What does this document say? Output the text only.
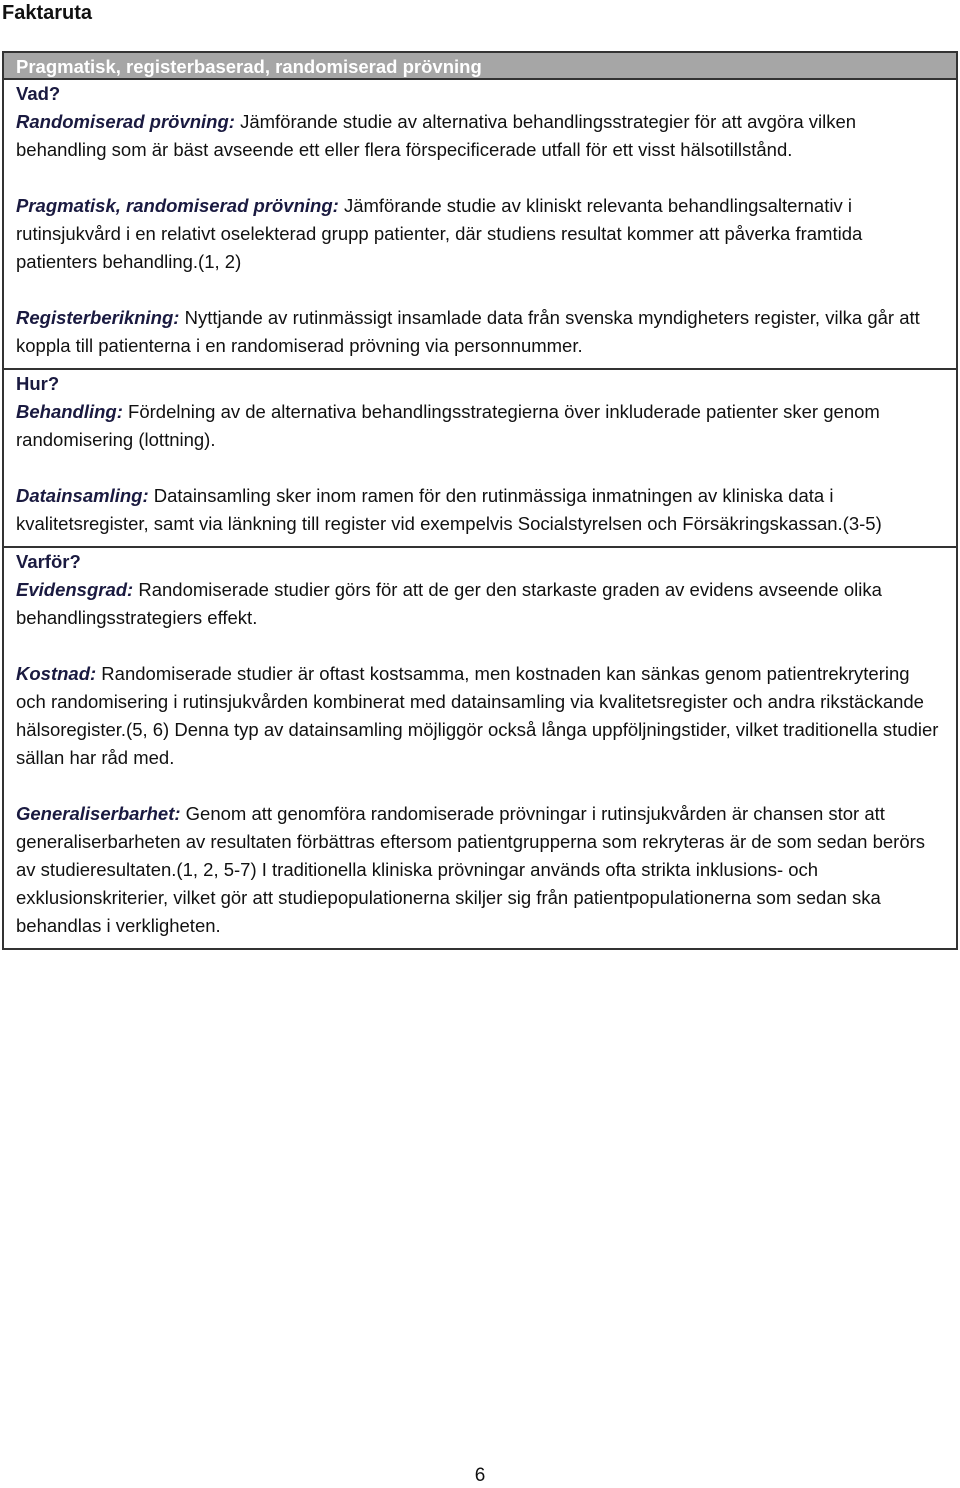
Faktaruta
Pragmatisk, registerbaserad, randomiserad prövning
Vad?

Randomiserad prövning: Jämförande studie av alternativa behandlingsstrategier för att avgöra vilken behandling som är bäst avseende ett eller flera förspecificerade utfall för ett visst hälsotillstånd.

Pragmatisk, randomiserad prövning: Jämförande studie av kliniskt relevanta behandlingsalternativ i rutinsjukvård i en relativt oselekterad grupp patienter, där studiens resultat kommer att påverka framtida patienters behandling.(1, 2)

Registerberikning: Nyttjande av rutinmässigt insamlade data från svenska myndigheters register, vilka går att koppla till patienterna i en randomiserad prövning via personnummer.

Hur?

Behandling: Fördelning av de alternativa behandlingsstrategierna över inkluderade patienter sker genom randomisering (lottning).

Datainsamling: Datainsamling sker inom ramen för den rutinmässiga inmatningen av kliniska data i kvalitetsregister, samt via länkning till register vid exempelvis Socialstyrelsen och Försäkringskassan.(3-5)

Varför?

Evidensgrad: Randomiserade studier görs för att de ger den starkaste graden av evidens avseende olika behandlingsstrategiers effekt.

Kostnad: Randomiserade studier är oftast kostsamma, men kostnaden kan sänkas genom patientrekrytering och randomisering i rutinsjukvården kombinerat med datainsamling via kvalitetsregister och andra rikstäckande hälsoregister.(5, 6) Denna typ av datainsamling möjliggör också långa uppföljningstider, vilket traditionella studier sällan har råd med.

Generaliserbarhet: Genom att genomföra randomiserade prövningar i rutinsjukvården är chansen stor att generaliserbarheten av resultaten förbättras eftersom patientgrupperna som rekryteras är de som sedan berörs av studieresultaten.(1, 2, 5-7) I traditionella kliniska prövningar används ofta strikta inklusions- och exklusionskriterier, vilket gör att studiepopulationerna skiljer sig från patientpopulationerna som sedan ska behandlas i verkligheten.

6
